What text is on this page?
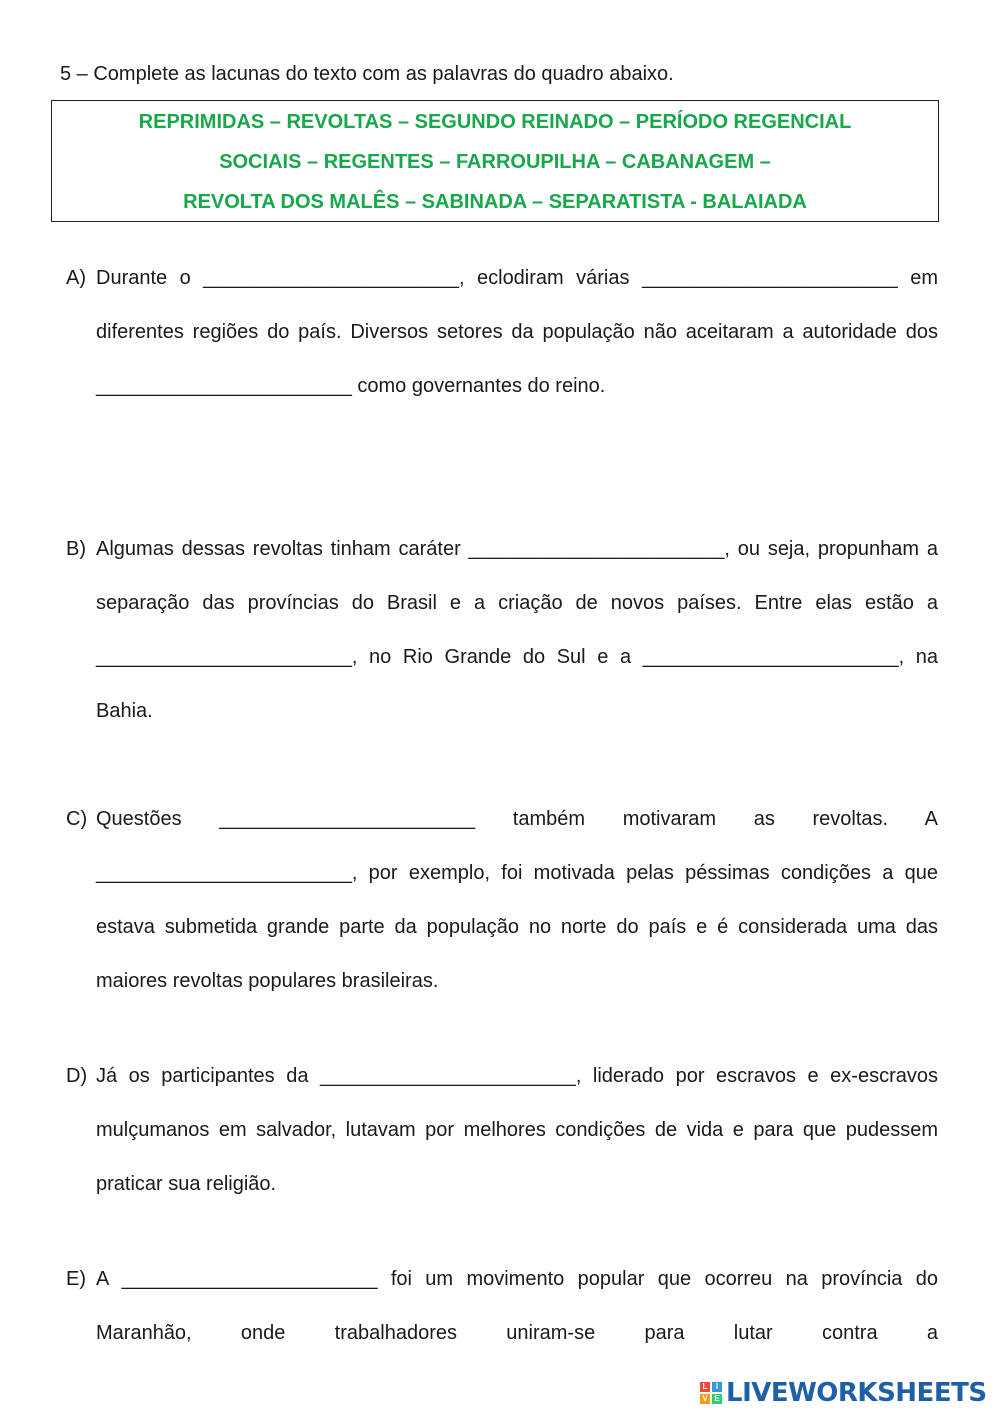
5 – Complete as lacunas do texto com as palavras do quadro abaixo.
REPRIMIDAS – REVOLTAS – SEGUNDO REINADO – PERÍODO REGENCIAL
SOCIAIS – REGENTES – FARROUPILHA – CABANAGEM –
REVOLTA DOS MALÊS – SABINADA – SEPARATISTA - BALAIADA
A) Durante o _______________________, eclodiram várias _______________________ em diferentes regiões do país. Diversos setores da população não aceitaram a autoridade dos _______________________ como governantes do reino.
B) Algumas dessas revoltas tinham caráter _______________________, ou seja, propunham a separação das províncias do Brasil e a criação de novos países. Entre elas estão a _______________________, no Rio Grande do Sul e a _______________________, na Bahia.
C) Questões _______________________ também motivaram as revoltas. A _______________________, por exemplo, foi motivada pelas péssimas condições a que estava submetida grande parte da população no norte do país e é considerada uma das maiores revoltas populares brasileiras.
D) Já os participantes da _______________________, liderado por escravos e ex-escravos mulçumanos em salvador, lutavam por melhores condições de vida e para que pudessem praticar sua religião.
E) A _______________________ foi um movimento popular que ocorreu na província do Maranhão, onde trabalhadores uniram-se para lutar contra a
L	I
V E LIVEWORKSHEETS
